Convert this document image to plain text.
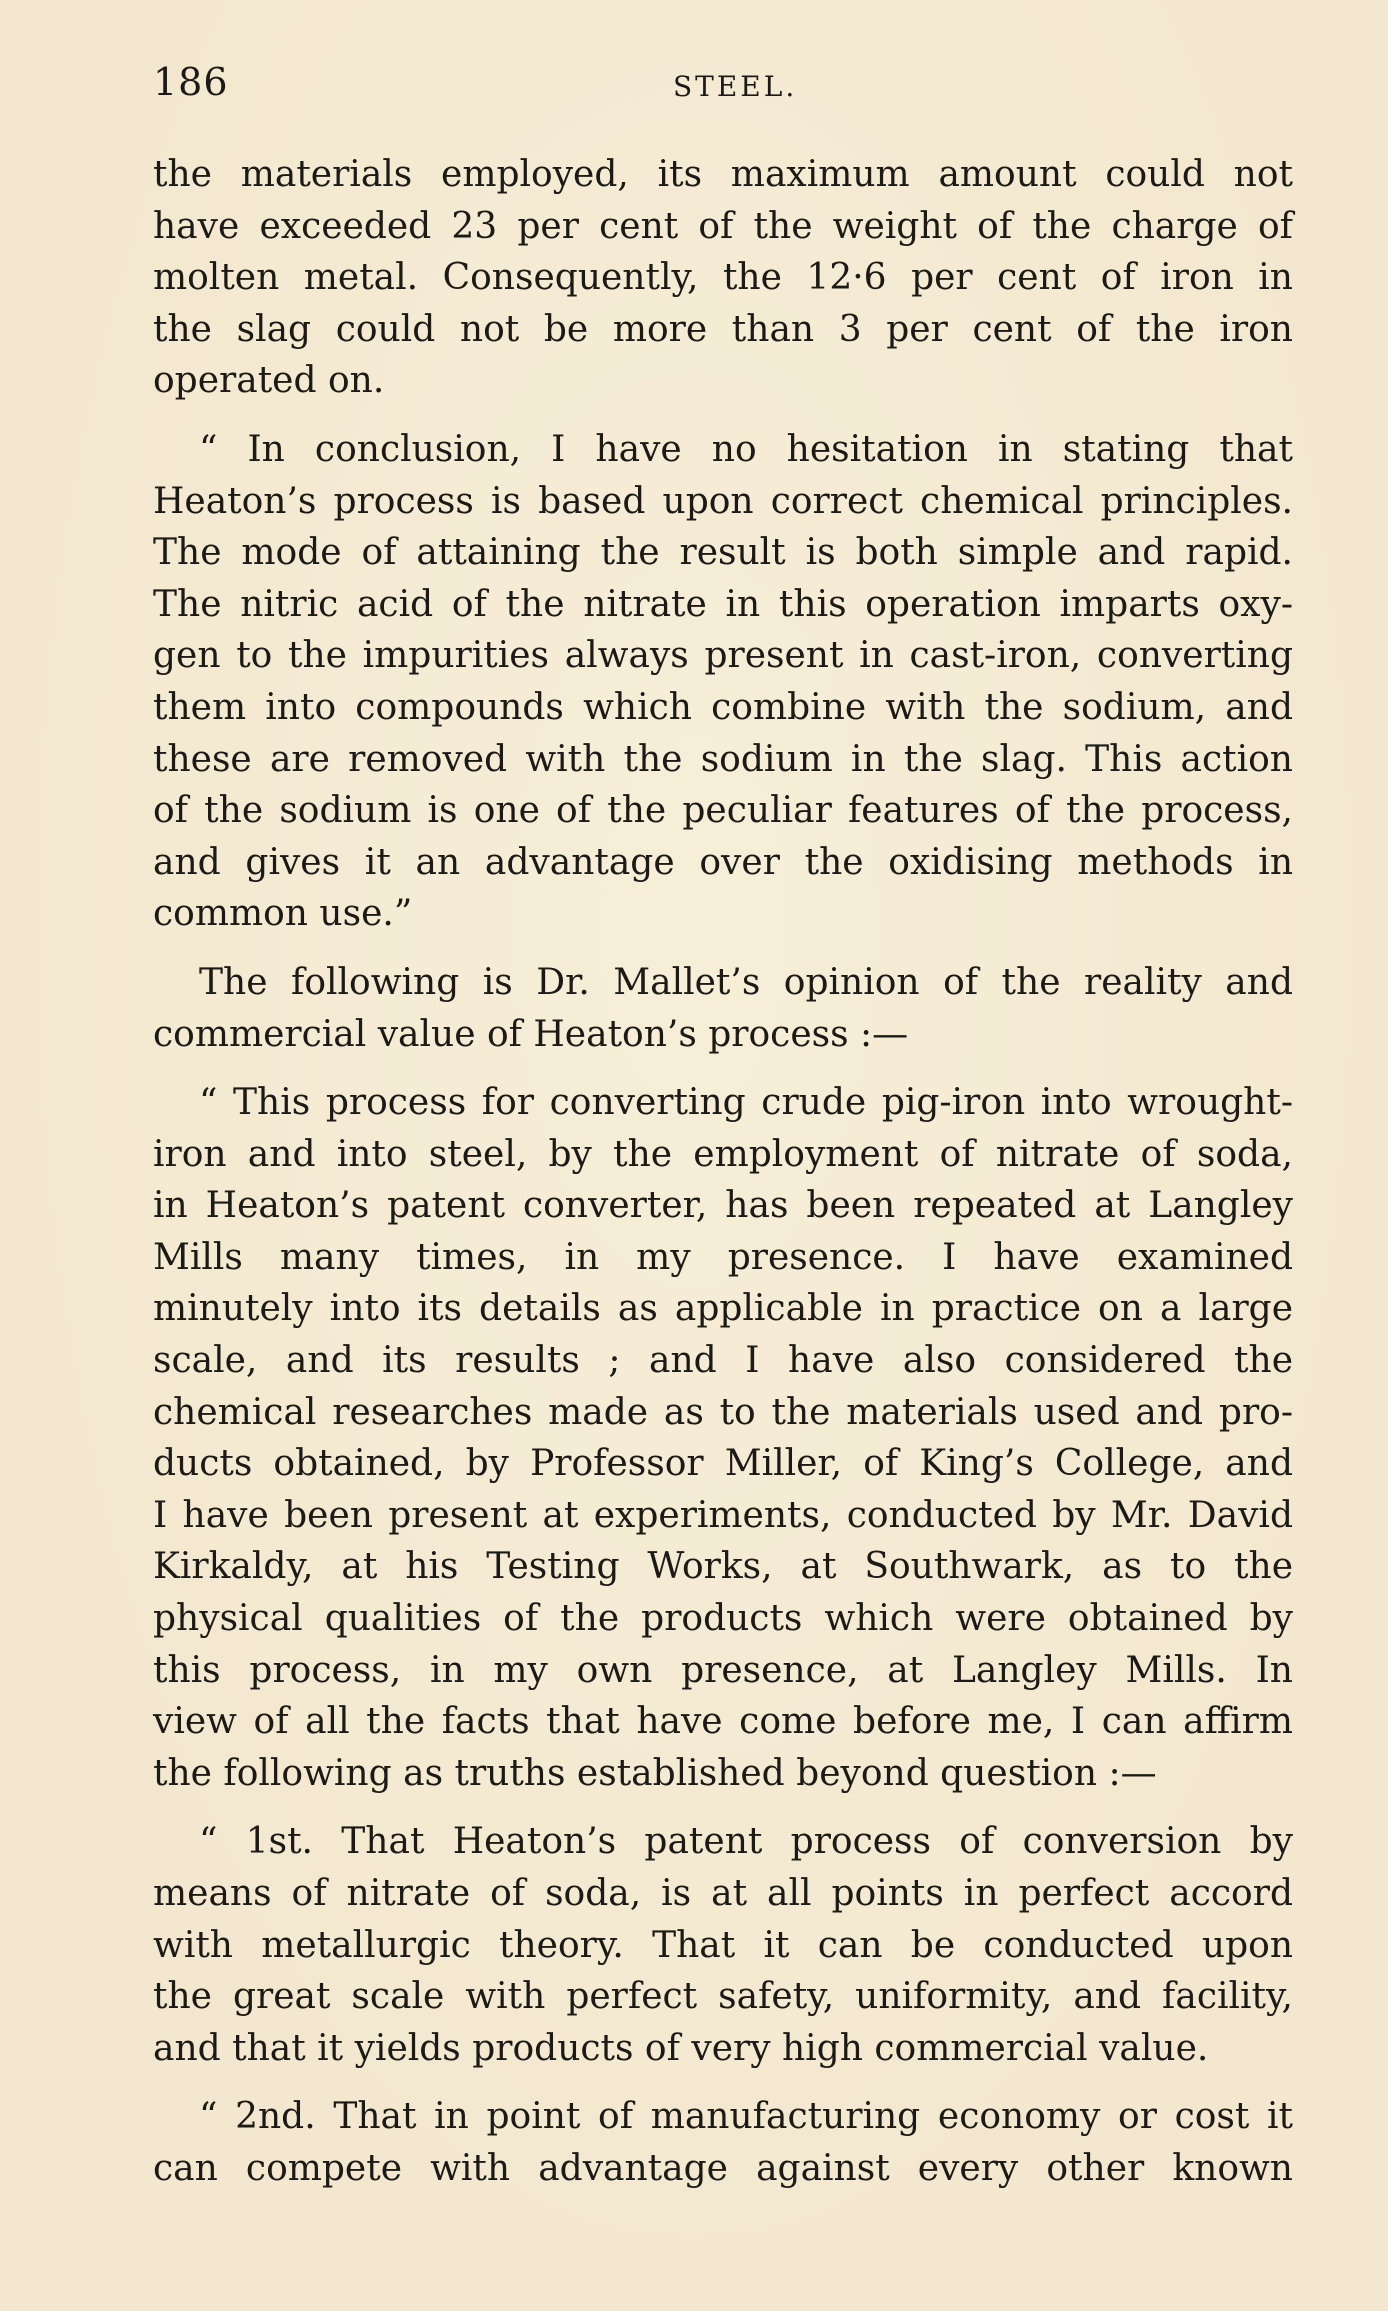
186	STEEL.

the materials employed, its maximum amount could not
have exceeded 23 per cent of the weight of the charge of
molten metal. Consequently, the 12·6 per cent of iron in
the slag could not be more than 3 per cent of the iron
operated on.

“ In conclusion, I have no hesitation in stating that
Heaton’s process is based upon correct chemical principles.
The mode of attaining the result is both simple and rapid.
The nitric acid of the nitrate in this operation imparts oxy-
gen to the impurities always present in cast-iron, converting
them into compounds which combine with the sodium, and
these are removed with the sodium in the slag. This action
of the sodium is one of the peculiar features of the process,
and gives it an advantage over the oxidising methods in
common use.”

The following is Dr. Mallet’s opinion of the reality and
commercial value of Heaton’s process :—

“ This process for converting crude pig-iron into wrought-
iron and into steel, by the employment of nitrate of soda,
in Heaton’s patent converter, has been repeated at Langley
Mills many times, in my presence. I have examined
minutely into its details as applicable in practice on a large
scale, and its results ; and I have also considered the
chemical researches made as to the materials used and pro-
ducts obtained, by Professor Miller, of King’s College, and
I have been present at experiments, conducted by Mr. David
Kirkaldy, at his Testing Works, at Southwark, as to the
physical qualities of the products which were obtained by
this process, in my own presence, at Langley Mills. In
view of all the facts that have come before me, I can affirm
the following as truths established beyond question :—

“ 1st. That Heaton’s patent process of conversion by
means of nitrate of soda, is at all points in perfect accord
with metallurgic theory. That it can be conducted upon
the great scale with perfect safety, uniformity, and facility,
and that it yields products of very high commercial value.

“ 2nd. That in point of manufacturing economy or cost it
can compete with advantage against every other known
